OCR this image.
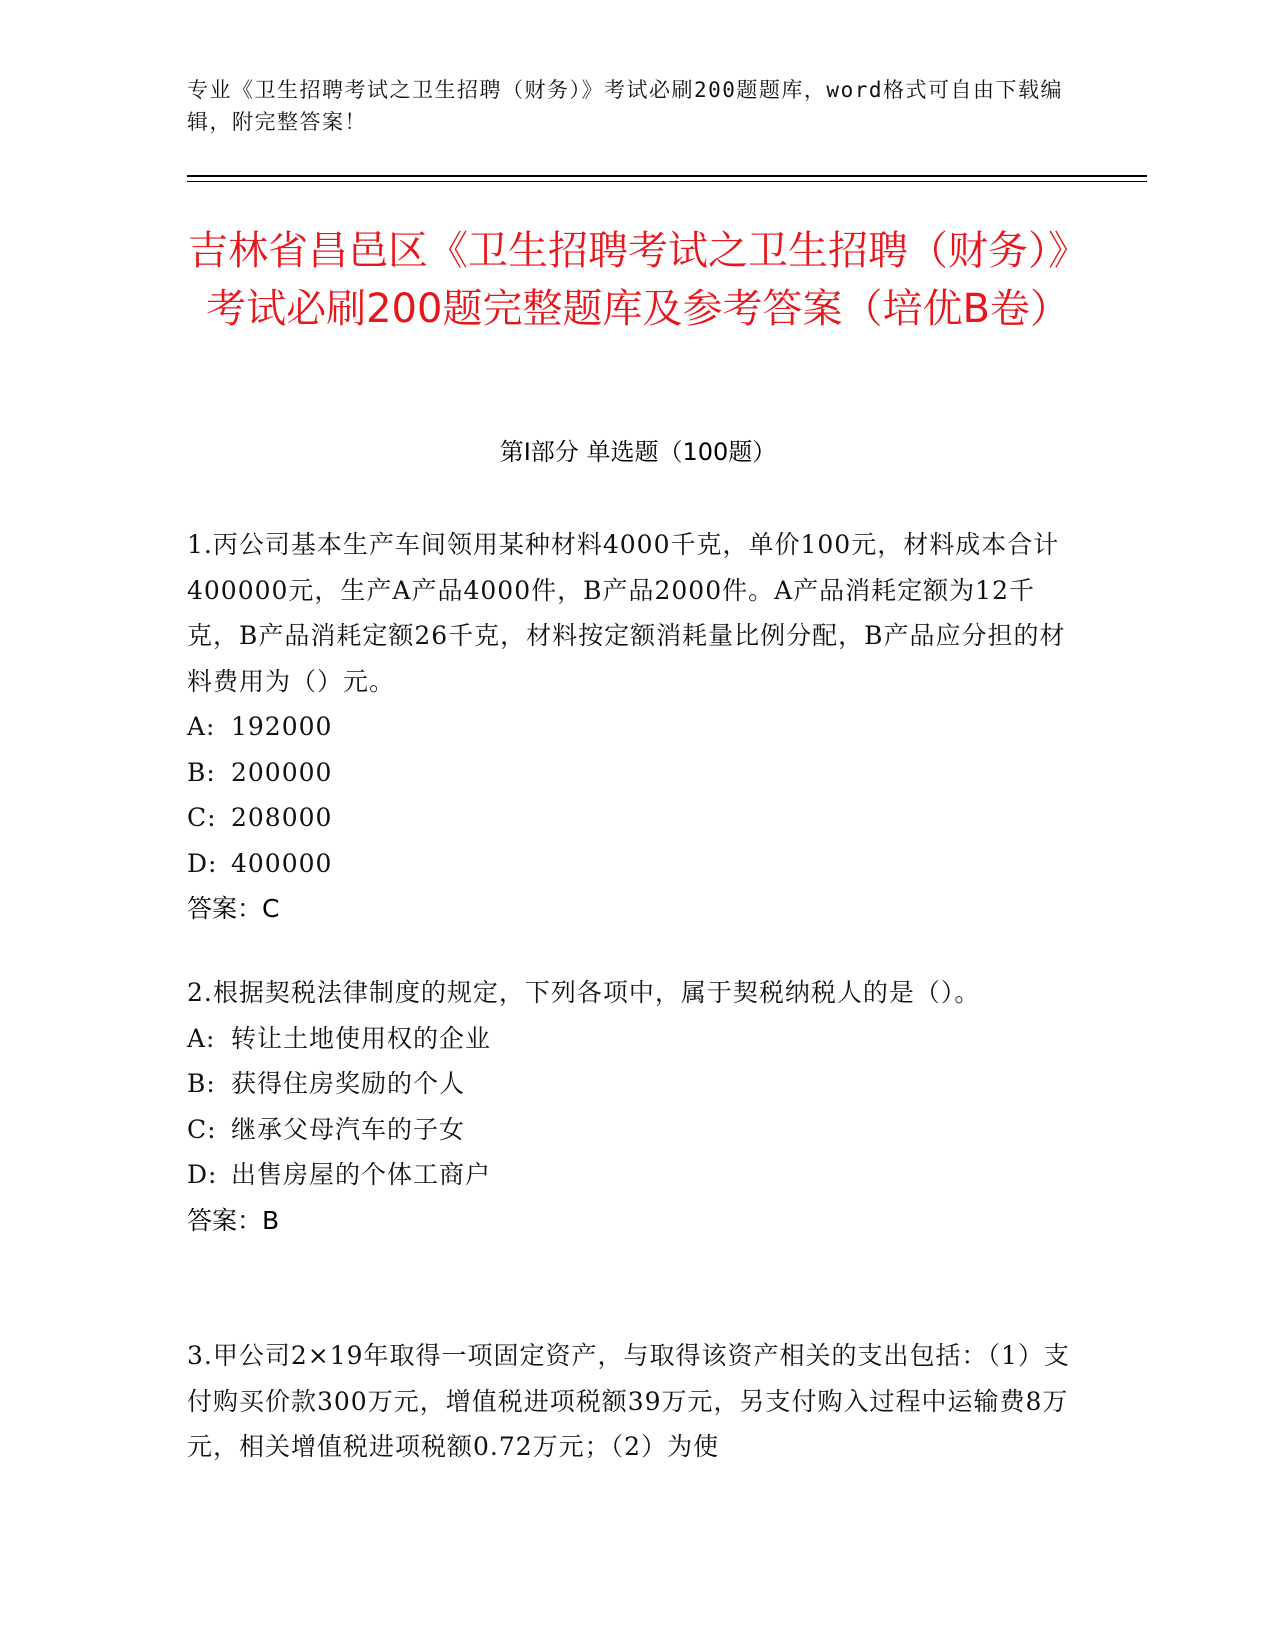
专业《卫生招聘考试之卫生招聘（财务）》考试必刷200题题库，word格式可自由下载编辑，附完整答案！
吉林省昌邑区《卫生招聘考试之卫生招聘（财务）》考试必刷200题完整题库及参考答案（培优B卷）
第Ⅰ部分 单选题（100题）
1.丙公司基本生产车间领用某种材料4000千克，单价100元，材料成本合计400000元，生产A产品4000件，B产品2000件。A产品消耗定额为12千克，B产品消耗定额26千克，材料按定额消耗量比例分配，B产品应分担的材料费用为（）元。
A: 192000
B: 200000
C: 208000
D: 400000
答案：C
2.根据契税法律制度的规定，下列各项中，属于契税纳税人的是（）。
A: 转让土地使用权的企业
B: 获得住房奖励的个人
C: 继承父母汽车的子女
D: 出售房屋的个体工商户
答案：B
3.甲公司2×19年取得一项固定资产，与取得该资产相关的支出包括：（1）支付购买价款300万元，增值税进项税额39万元，另支付购入过程中运输费8万元，相关增值税进项税额0.72万元；（2）为使
